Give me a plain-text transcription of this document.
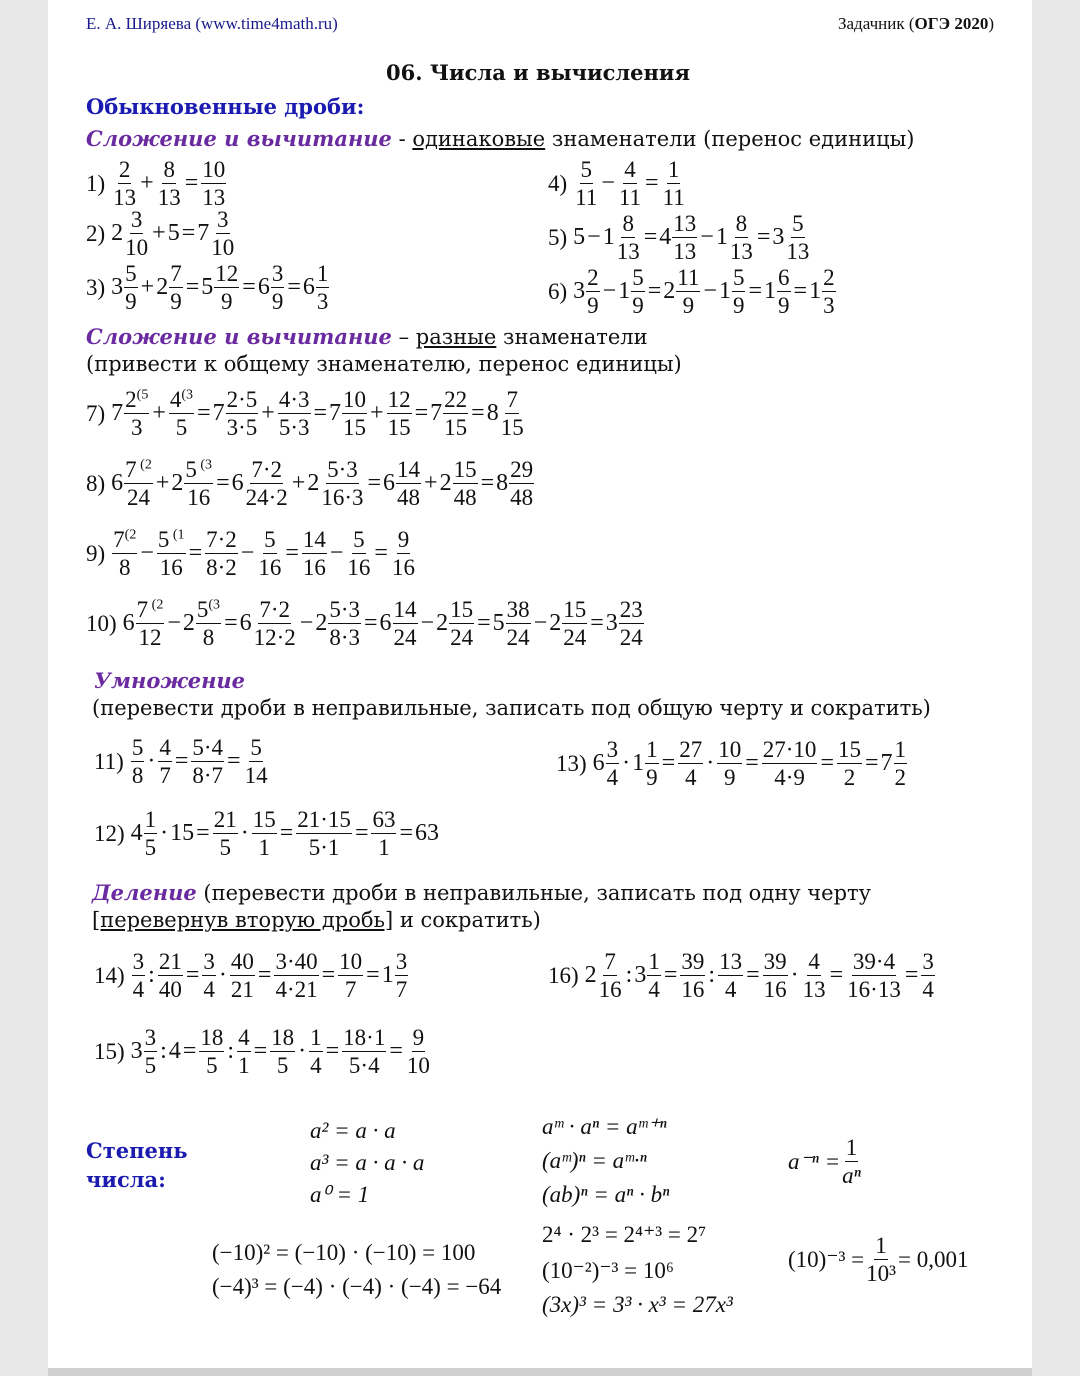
Е. А. Ширяева (www.time4math.ru)	Задачник (ОГЭ 2020)
06. Числа и вычисления
Обыкновенные дроби:
Сложение и вычитание - одинаковые знаменатели (перенос единицы)
1)
2
13
+ $\frac{8}{13} = \frac{10}{13}$	4)
5
11
− $\frac{4}{11} = \frac{1}{11}$
2) 2
3
10
+ $5 = 7 \frac{3}{10}$	5) $5 - 1 \frac{8}{13} = 4 \frac{13}{13} - 1 \frac{8}{13} = 3 \frac{5}{13}$
3) 3
5
9
+ $2 \frac{7}{9} = 5 \frac{12}{9} = 6 \frac{3}{9} = 6 \frac{1}{3}$	6) 3
2
9
− $1 \frac{5}{9} = 2 \frac{11}{9} - 1 \frac{5}{9} = 1 \frac{6}{9} = 1 \frac{2}{3}$
Сложение и вычитание – разные знаменатели
(привести к общему знаменателю, перенос единицы)
7) 7
2$^{(5}$
3
+ $\frac{4^{(3}}{5} = 7 \frac{2\cdot 5}{3\cdot 5} + \frac{4\cdot 3}{5\cdot 3} = 7 \frac{10}{15} + \frac{12}{15} = 7 \frac{22}{15} = 8 \frac{7}{15}$
8) 6
7 $^{(2}$
24
+ $2 \frac{5 ^{(3}}{16} = 6 \frac{7\cdot 2}{24\cdot 2} + 2 \frac{5\cdot 3}{16\cdot 3} = 6 \frac{14}{48} + 2 \frac{15}{48} = 8 \frac{29}{48}$
9)
7$^{(2}$
8
− $\frac{5 ^{(1}}{16} = \frac{7\cdot 2}{8\cdot 2} - \frac{5}{16} = \frac{14}{16} - \frac{5}{16} = \frac{9}{16}$
10) 6
7 $^{(2}$
12
− $2 \frac{5^{(3}}{8} = 6 \frac{7\cdot 2}{12\cdot 2} - 2 \frac{5\cdot 3}{8\cdot 3} = 6 \frac{14}{24} - 2 \frac{15}{24} = 5 \frac{38}{24} - 2 \frac{15}{24} = 3 \frac{23}{24}$
Умножение
(перевести дроби в неправильные, записать под общую черту и сократить)
11)
5
8
· $\frac{4}{7} = \frac{5\cdot 4}{8\cdot 7} = \frac{5}{14}$	13) 6
3
4
· $1 \frac{1}{9} = \frac{27}{4} \cdot \frac{10}{9} = \frac{27\cdot 10}{4\cdot 9} = \frac{15}{2} = 7 \frac{1}{2}$
12) 4
1
5
· $15 = \frac{21}{5} \cdot \frac{15}{1} = \frac{21\cdot 15}{5\cdot 1} = \frac{63}{1} = 63$
Деление (перевести дроби в неправильные, записать под одну черту
[перевернув вторую дробь] и сократить)
14)
3
4
: $\frac{21}{40} = \frac{3}{4} \cdot \frac{40}{21} = \frac{3\cdot 40}{4\cdot 21} = \frac{10}{7} = 1 \frac{3}{7}$	16) 2
7
16
: $3 \frac{1}{4} = \frac{39}{16}$ : $\frac{13}{4} = \frac{39}{16} \cdot \frac{4}{13} = \frac{39\cdot 4}{16\cdot 13} = \frac{3}{4}$
15) 3
3
5
: $4 = \frac{18}{5}$ : $\frac{4}{1} = \frac{18}{5} \cdot \frac{1}{4} = \frac{18\cdot 1}{5\cdot 4} = \frac{9}{10}$
Степень числа:
a² = a · a
a³ = a · a · a
a⁰ = 1
aᵐ · aⁿ = aᵐ⁺ⁿ
(aᵐ)ⁿ = aᵐ·ⁿ
(ab)ⁿ = aⁿ · bⁿ
$a^{-n} = \frac{1}{\text{aⁿ}}$
(−10)² = (−10) · (−10) = 100
(−4)³ = (−4) · (−4) · (−4) = −64
2⁴ · 2³ = 2⁴⁺³ = 2⁷
(10⁻²)⁻³ = 10⁶
(3x)³ = 3³ · x³ = 27x³
$(10)^{-3} = \frac{1}{\text{10³}} = 0,001$
